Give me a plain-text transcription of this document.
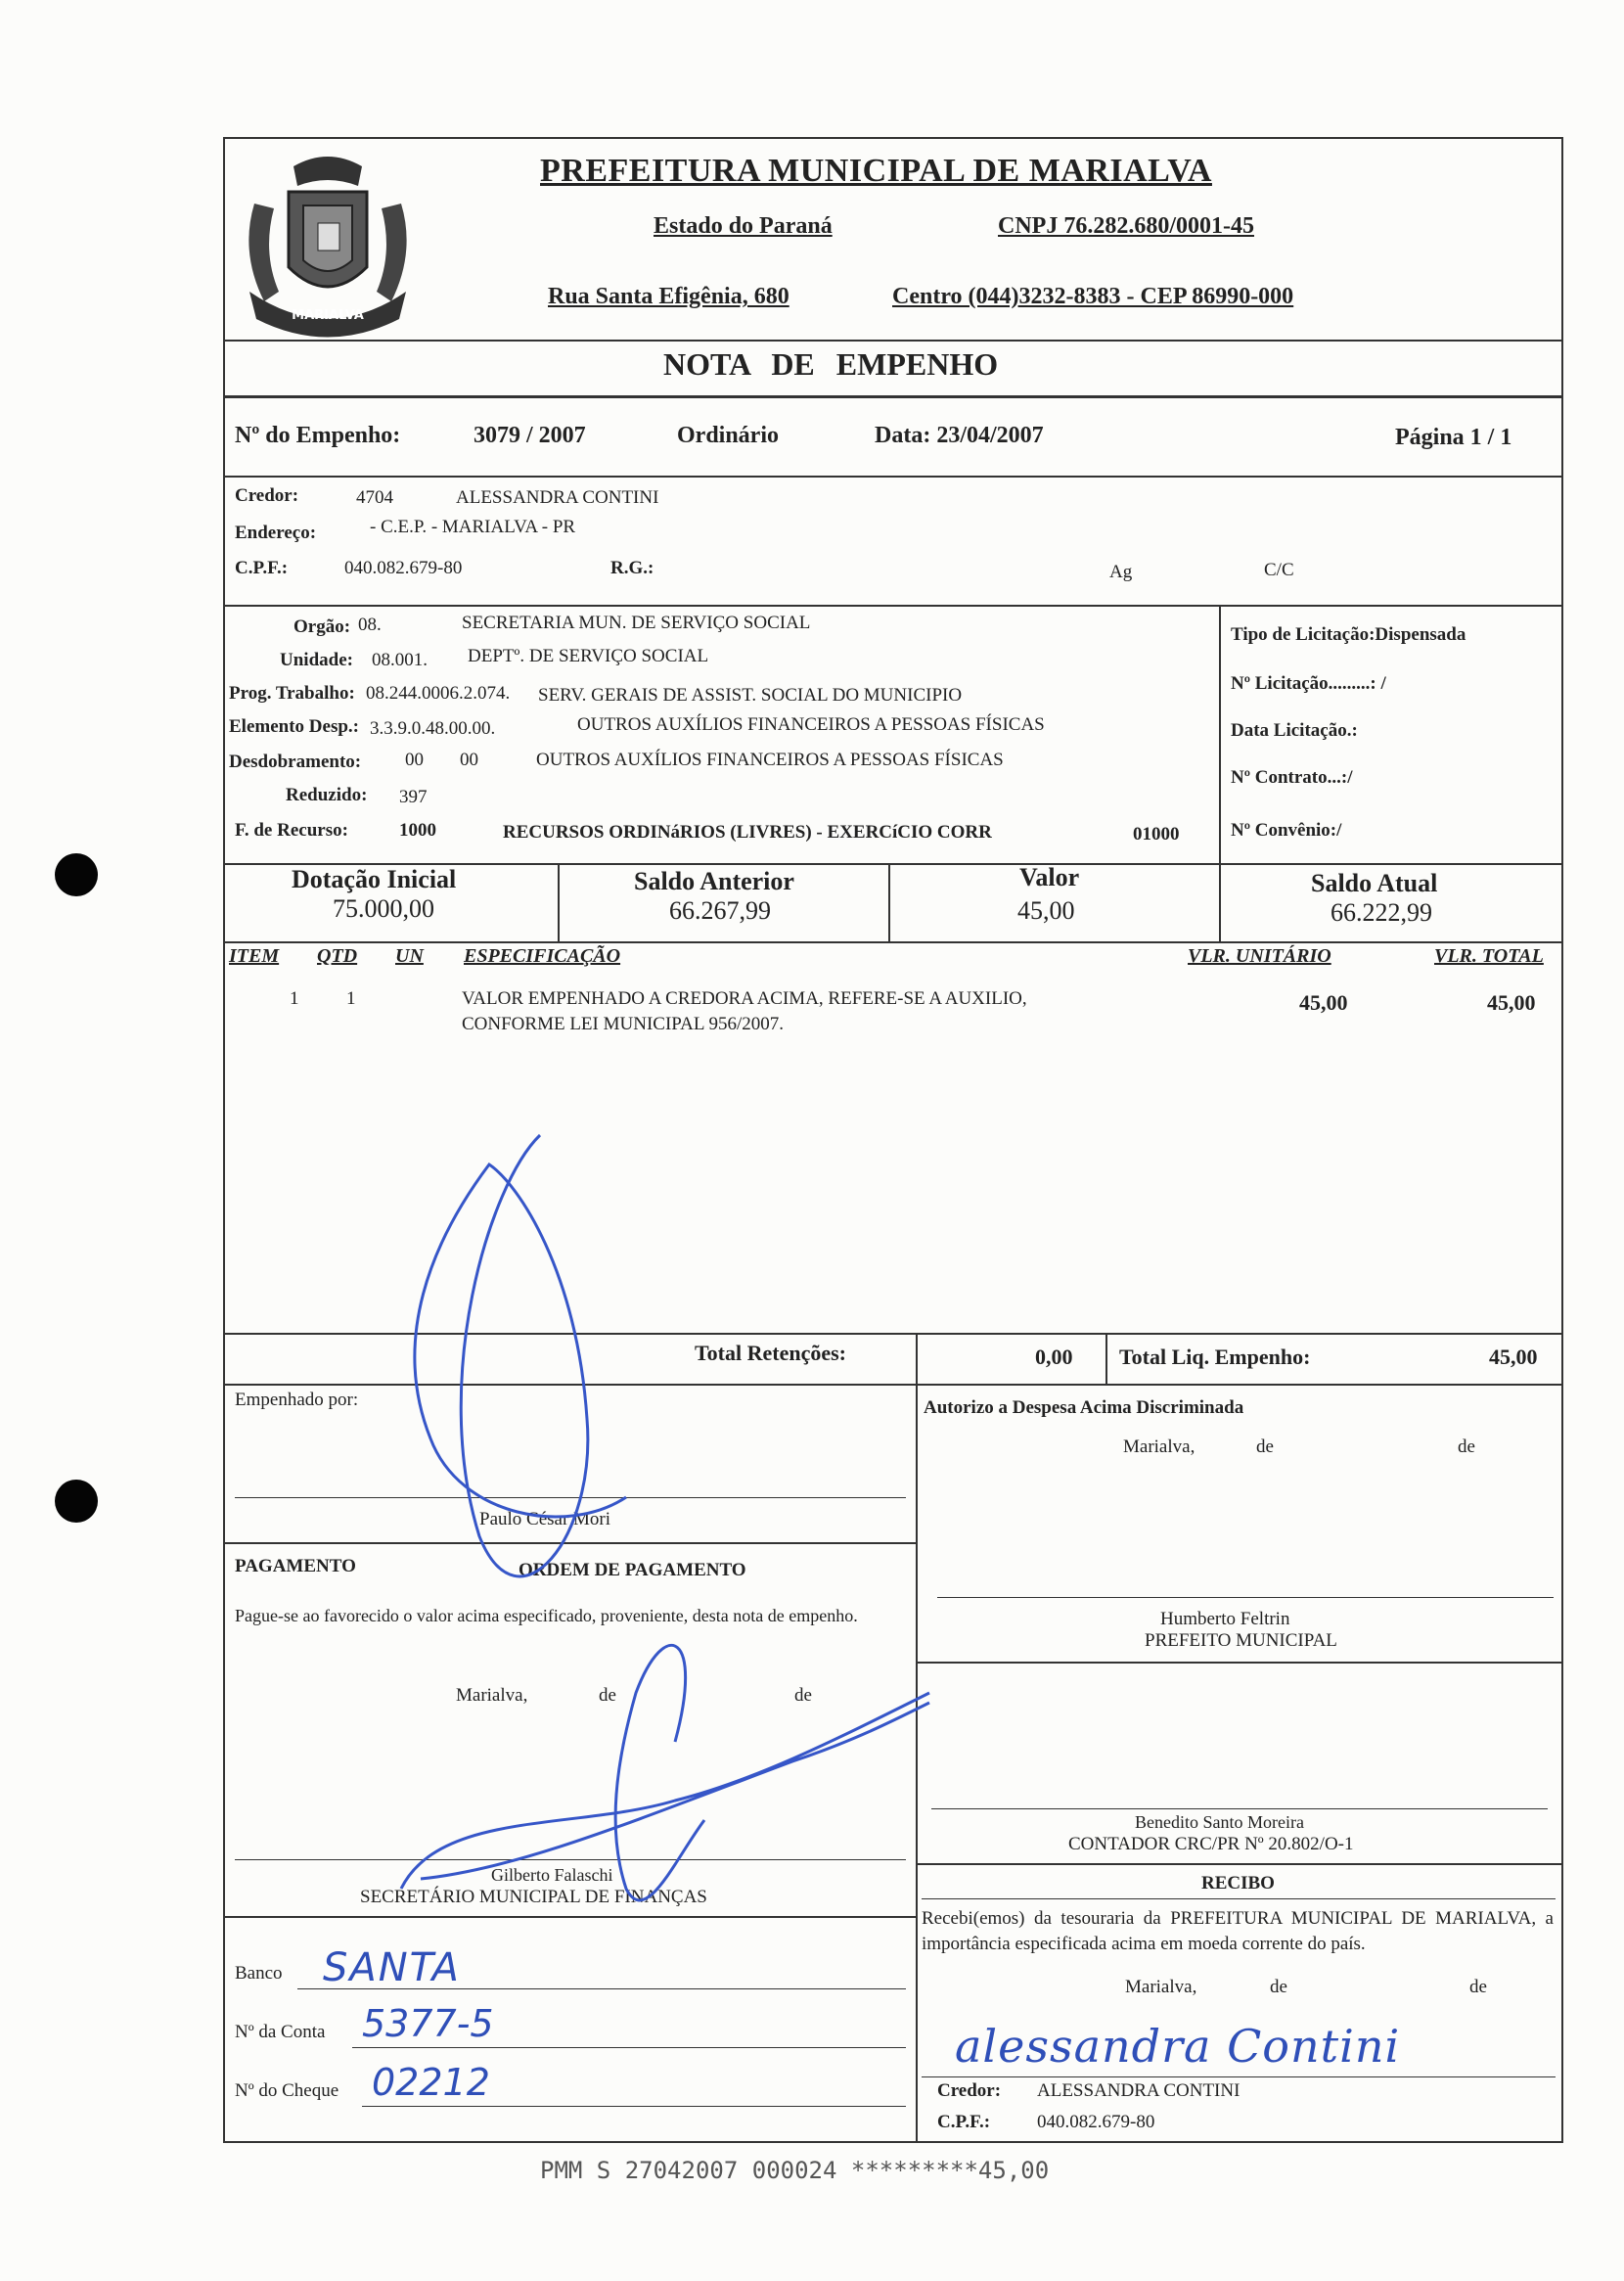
MARIALVA
PREFEITURA MUNICIPAL DE MARIALVA
Estado do Paraná	CNPJ 76.282.680/0001-45
Rua Santa Efigênia, 680	Centro (044)3232-8383 - CEP 86990-000
NOTA DE EMPENHO
Nº do Empenho:	3079 / 2007	Ordinário	Data: 23/04/2007	Página 1 / 1
Credor:	4704	ALESSANDRA CONTINI
Endereço:	- C.E.P. - MARIALVA - PR
C.P.F.:	040.082.679-80	R.G.:	Ag	C/C
Orgão: 08.	SECRETARIA MUN. DE SERVIÇO SOCIAL
Unidade: 08.001. DEPTº. DE SERVIÇO SOCIAL
Prog. Trabalho: 08.244.0006.2.074. SERV. GERAIS DE ASSIST. SOCIAL DO MUNICIPIO
Elemento Desp.: 3.3.9.0.48.00.00.	OUTROS AUXÍLIOS FINANCEIROS A PESSOAS FÍSICAS
Desdobramento: 00 00	OUTROS AUXÍLIOS FINANCEIROS A PESSOAS FÍSICAS
Reduzido: 397
F. de Recurso:	1000	RECURSOS ORDINáRIOS (LIVRES) - EXERCíCIO CORR	01000
Tipo de Licitação:Dispensada
Nº Licitação.........: /
Data Licitação.:
Nº Contrato...:/
Nº Convênio:/
Dotação Inicial
75.000,00
Saldo Anterior
66.267,99
Valor
45,00
Saldo Atual
66.222,99
ITEM QTD UN ESPECIFICAÇÃO	VLR. UNITÁRIO	VLR. TOTAL
1	1	VALOR EMPENHADO A CREDORA ACIMA, REFERE-SE A AUXILIO,
CONFORME LEI MUNICIPAL 956/2007.
45,00	45,00
Total Retenções:	0,00 Total Liq. Empenho:	45,00
Empenhado por:
Paulo César Mori
Autorizo a Despesa Acima Discriminada
Marialva,	de	de
PAGAMENTO	ORDEM DE PAGAMENTO
Pague-se ao favorecido o valor acima especificado, proveniente, desta nota de empenho.
Marialva,	de	de
Humberto Feltrin
PREFEITO MUNICIPAL
Gilberto Falaschi
SECRETÁRIO MUNICIPAL DE FINANÇAS
Benedito Santo Moreira
CONTADOR CRC/PR Nº 20.802/O-1
RECIBO
Recebi(emos) da tesouraria da PREFEITURA MUNICIPAL DE MARIALVA, a importância especificada acima em moeda corrente do país.
Marialva,	de	de
Credor: ALESSANDRA CONTINI
C.P.F.:	040.082.679-80
Banco SANTA
Nº da Conta 5377-5
Nº do Cheque 02212
alessandra Contini
PMM S 27042007 000024 *********45,00
